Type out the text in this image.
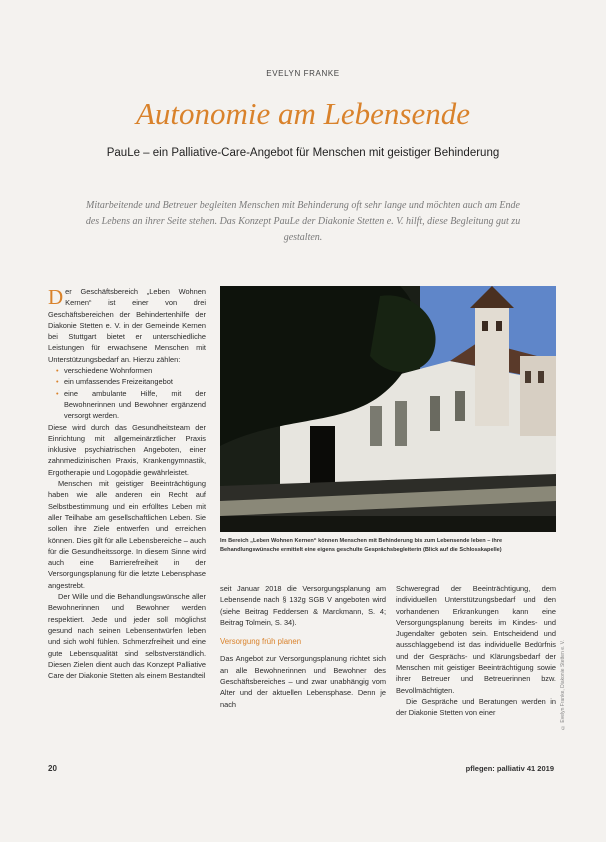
EVELYN FRANKE
Autonomie am Lebensende
PauLe – ein Palliative-Care-Angebot für Menschen mit geistiger Behinderung
Mitarbeitende und Betreuer begleiten Menschen mit Behinderung oft sehr lange und möchten auch am Ende des Lebens an ihrer Seite stehen. Das Konzept PauLe der Diakonie Stetten e. V. hilft, diese Begleitung gut zu gestalten.

Der Geschäftsbereich „Leben Wohnen Kernen“ ist einer von drei Geschäftsbereichen der Behindertenhilfe der Diakonie Stetten e. V. in der Gemeinde Kernen bei Stuttgart bietet er unterschiedliche Leistungen für erwachsene Menschen mit Unterstützungsbedarf an. Hierzu zählen:

• verschiedene Wohnformen
• ein umfassendes Freizeitangebot
• eine ambulante Hilfe, mit der Bewohnerinnen und Bewohner ergänzend versorgt werden.

Diese wird durch das Gesundheitsteam der Einrichtung mit allgemeinärztlicher Praxis inklusive psychiatrischen Angeboten, einer zahnmedizinischen Praxis, Krankengymnastik, Ergotherapie und Logopädie gewährleistet.

Menschen mit geistiger Beeinträchtigung haben wie alle anderen ein Recht auf Selbstbestimmung und ein erfülltes Leben mit aller Teilhabe am gesellschaftlichen Leben. Sie sollen ihre Ziele entwerfen und erreichen können. Dies gilt für alle Lebensbereiche – auch für die Gesundheitssorge. In diesem Sinne wird auch eine Barrierefreiheit in der Versorgungsplanung für die letzte Lebensphase angestrebt.

Der Wille und die Behandlungswünsche aller Bewohnerinnen und Bewohner werden respektiert. Jede und jeder soll möglichst gesund nach seinen Lebensentwürfen leben und sich wohl fühlen. Schmerzfreiheit und eine gute Lebensqualität sind selbstverständlich. Diesen Zielen dient auch das Konzept Palliative Care der Diakonie Stetten als einem Bestandteil

Im Bereich „Leben Wohnen Kernen“ können Menschen mit Behinderung bis zum Lebensende leben – ihre Behandlungswünsche ermittelt eine eigens geschulte Gesprächsbegleiterin (Blick auf die Schlosskapelle)

seit Januar 2018 die Versorgungsplanung am Lebensende nach § 132g SGB V angeboten wird (siehe Beitrag Feddersen & Marckmann, S. 4; Beitrag Tolmein, S. 34).

Versorgung früh planen

Das Angebot zur Versorgungsplanung richtet sich an alle Bewohnerinnen und Bewohner des Geschäftsbereiches – und zwar unabhängig vom Alter und der aktuellen Lebensphase. Denn je nach

Schweregrad der Beeinträchtigung, dem individuellen Unterstützungsbedarf und den vorhandenen Erkrankungen kann eine Versorgungsplanung bereits im Kindes- und Jugendalter geboten sein. Entscheidend und ausschlaggebend ist das individuelle Bedürfnis und der Gesprächs- und Klärungsbedarf der Menschen mit geistiger Beeinträchtigung sowie ihrer Betreuer und Betreuerinnen bzw. Bevollmächtigten.

Die Gespräche und Beratungen werden in der Diakonie Stetten von einer	© Evelyn Franke, Diakonie Stetten e. V.
20	pflegen: palliativ 41 2019
